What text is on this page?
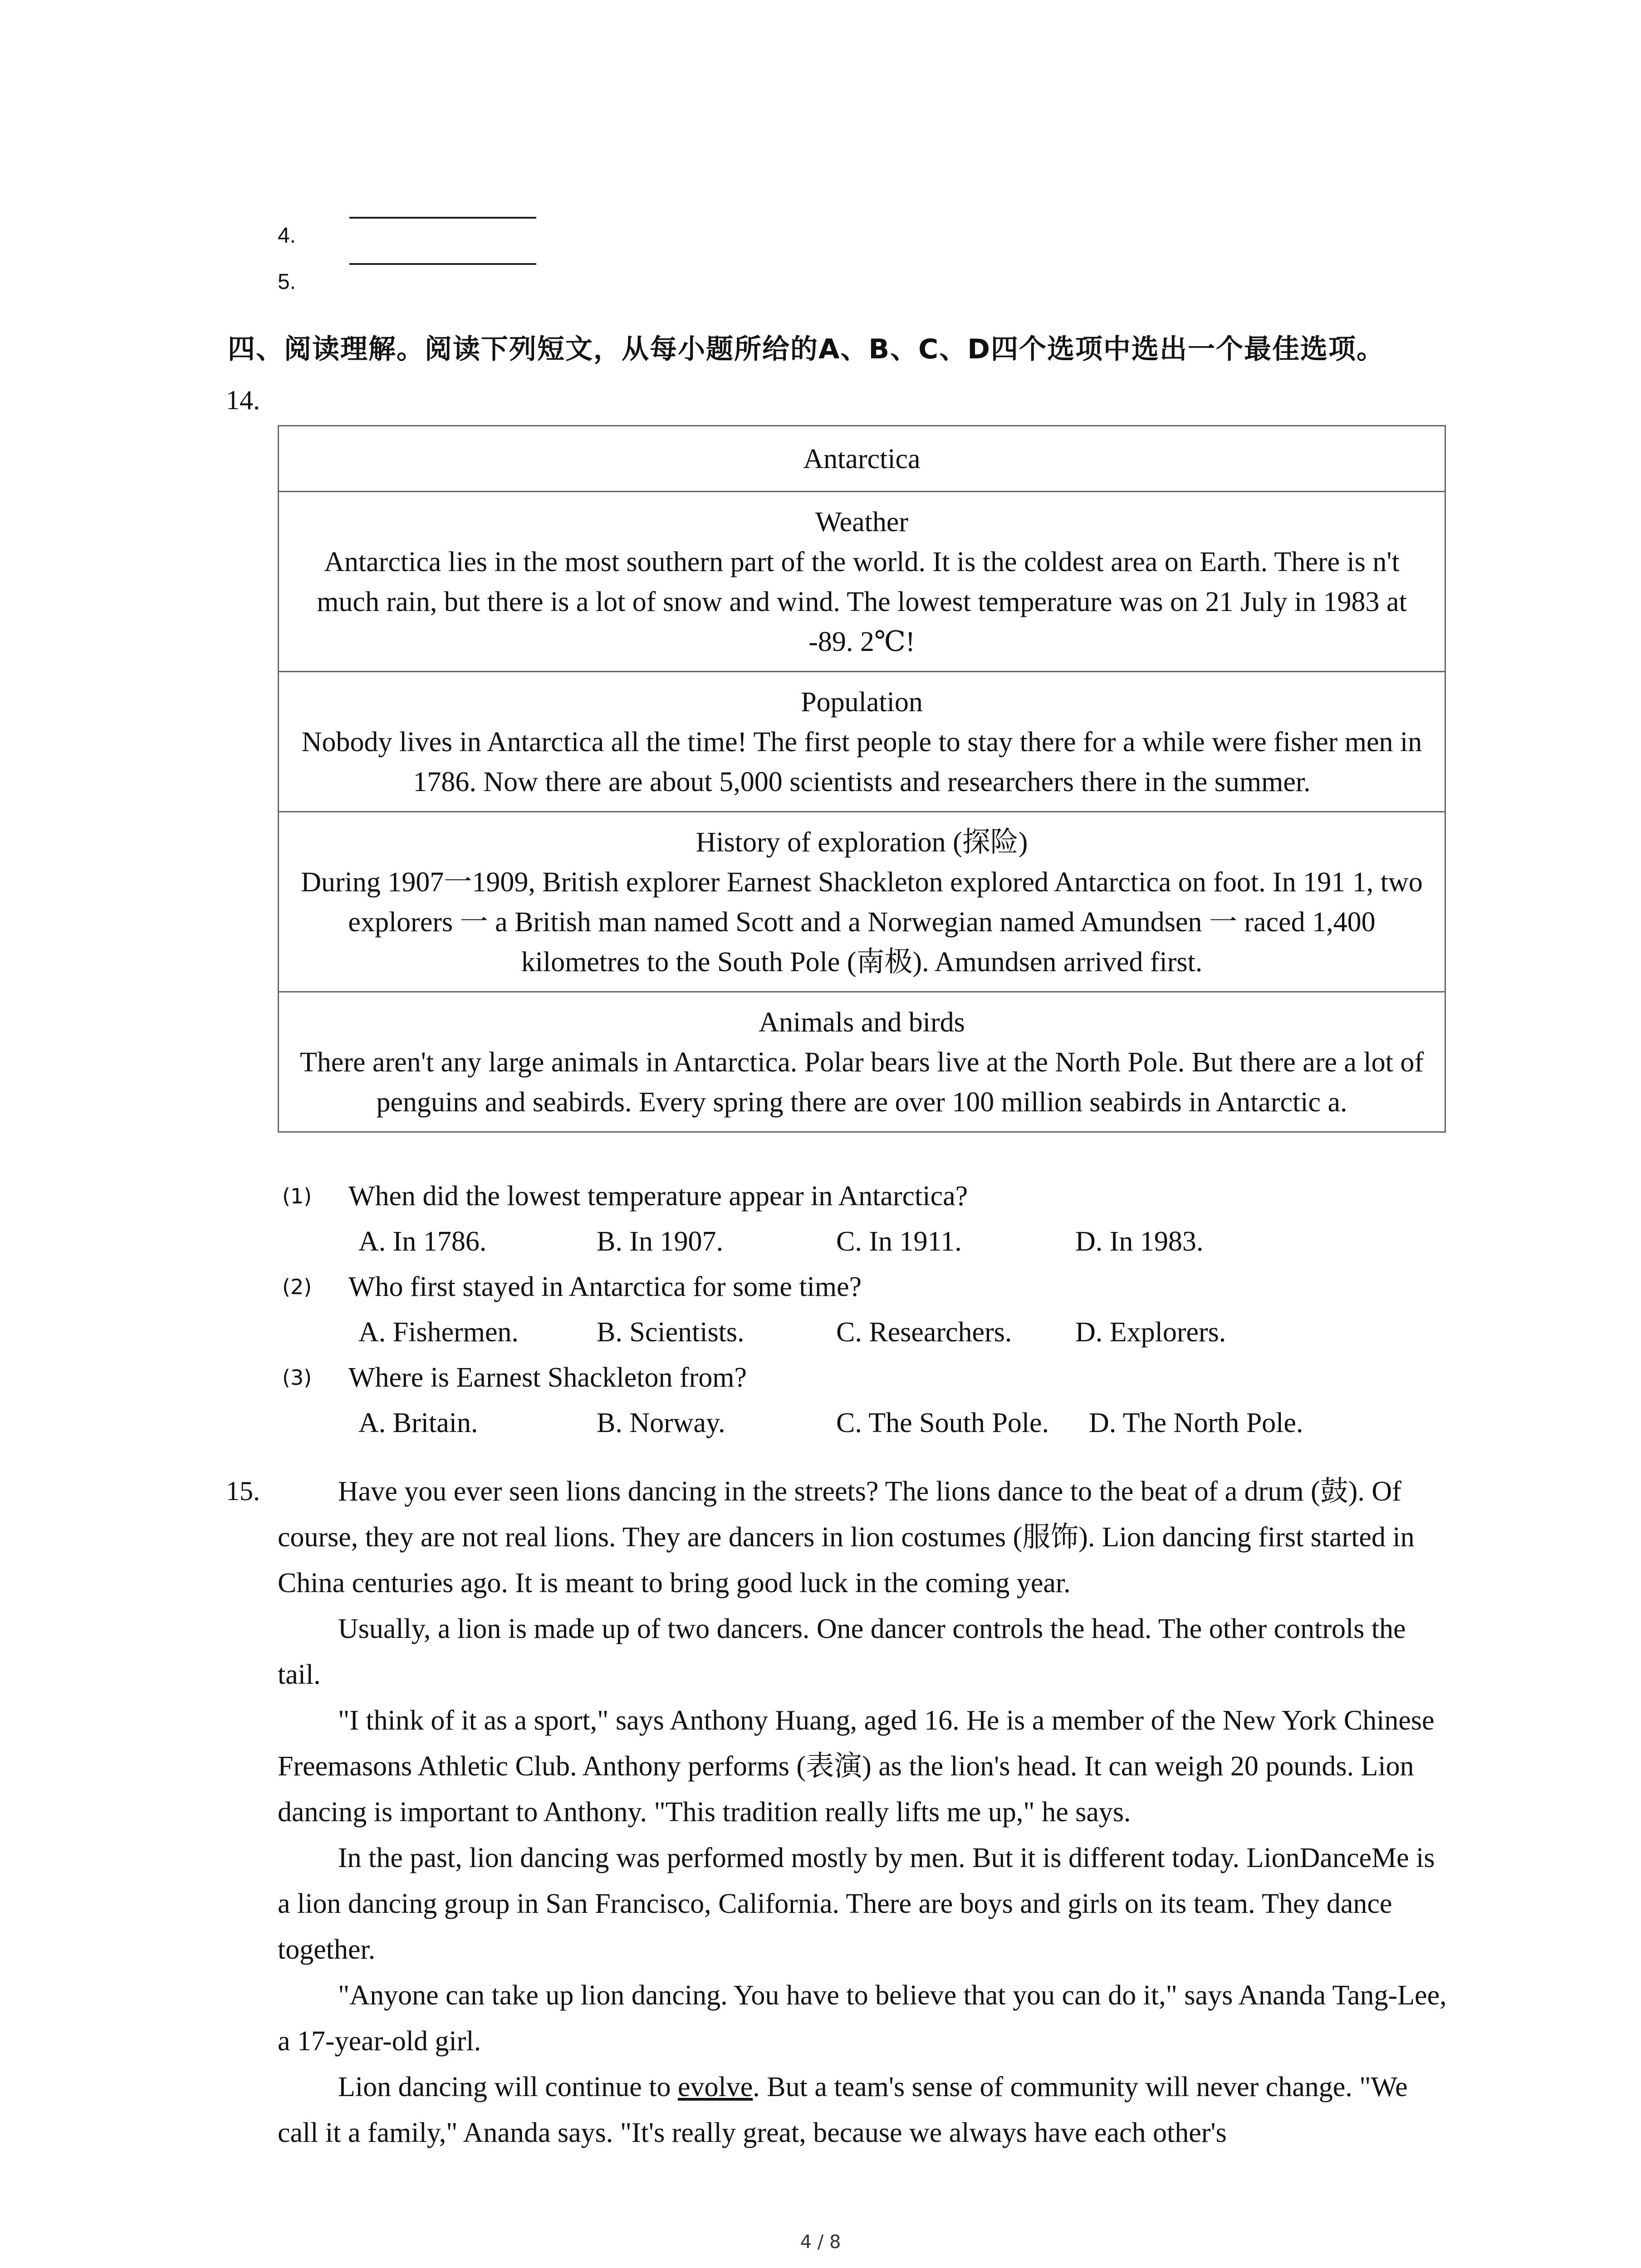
4.
5.
四、阅读理解。阅读下列短文，从每小题所给的A、B、C、D四个选项中选出一个最佳选项。
14.
Antarctica

Weather
Antarctica lies in the most southern part of the world. It is the coldest area on Earth. There is n't much rain, but there is a lot of snow and wind. The lowest temperature was on 21 July in 1983 at -89. 2℃!

Population
Nobody lives in Antarctica all the time! The first people to stay there for a while were fisher men in 1786. Now there are about 5,000 scientists and researchers there in the summer.

History of exploration (探险)
During 1907一1909, British explorer Earnest Shackleton explored Antarctica on foot. In 191 1, two explorers 一 a British man named Scott and a Norwegian named Amundsen 一 raced 1,400 kilometres to the South Pole (南极). Amundsen arrived first.

Animals and birds
There aren't any large animals in Antarctica. Polar bears live at the North Pole. But there are a lot of penguins and seabirds. Every spring there are over 100 million seabirds in Antarctic a.
(1) When did the lowest temperature appear in Antarctica?
A. In 1786.	B. In 1907.	C. In 1911.	D. In 1983.
(2) Who first stayed in Antarctica for some time?
A. Fishermen.	B. Scientists.	C. Researchers. D. Explorers.
(3) Where is Earnest Shackleton from?
A. Britain.	B. Norway.	C. The South Pole. D. The North Pole.
15.	Have you ever seen lions dancing in the streets? The lions dance to the beat of a drum (鼓). Of course, they are not real lions. They are dancers in lion costumes (服饰). Lion dancing first started in China centuries ago. It is meant to bring good luck in the coming year.

Usually, a lion is made up of two dancers. One dancer controls the head. The other controls the tail.

"I think of it as a sport," says Anthony Huang, aged 16. He is a member of the New York Chinese Freemasons Athletic Club. Anthony performs (表演) as the lion's head. It can weigh 20 pounds. Lion dancing is important to Anthony. "This tradition really lifts me up," he says.

In the past, lion dancing was performed mostly by men. But it is different today. LionDanceMe is a lion dancing group in San Francisco, California. There are boys and girls on its team. They dance together.

"Anyone can take up lion dancing. You have to believe that you can do it," says Ananda Tang-Lee, a 17-year-old girl.

Lion dancing will continue to evolve. But a team's sense of community will never change. "We call it a family," Ananda says. "It's really great, because we always have each other's

4 / 8
